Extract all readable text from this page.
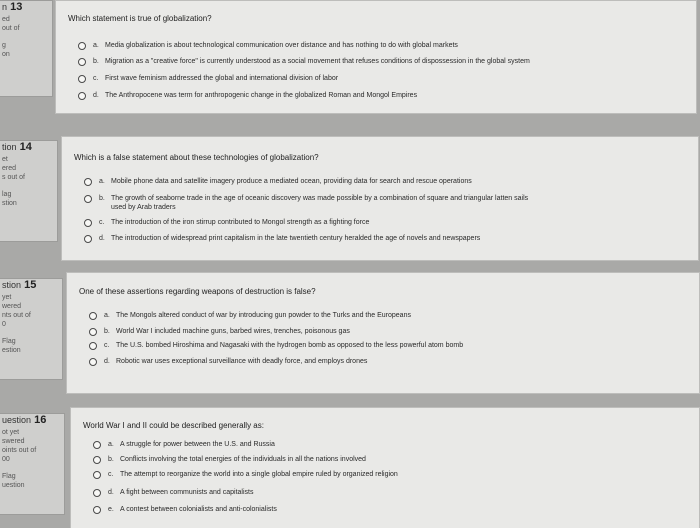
n 13
ed
out of
g
on
Which statement is true of globalization?
a. Media globalization is about technological communication over distance and has nothing to do with global markets
b. Migration as a "creative force" is currently understood as a social movement that refuses conditions of dispossession in the global system
c. First wave feminism addressed the global and international division of labor
d. The Anthropocene was term for anthropogenic change in the globalized Roman and Mongol Empires
tion 14
et
ered
s out of
lag
stion
Which is a false statement about these technologies of globalization?
a. Mobile phone data and satellite imagery produce a mediated ocean, providing data for search and rescue operations
b. The growth of seaborne trade in the age of oceanic discovery was made possible by a combination of square and triangular latten sails
used by Arab traders
c. The introduction of the iron stirrup contributed to Mongol strength as a fighting force
d. The introduction of widespread print capitalism in the late twentieth century heralded the age of novels and newspapers
stion 15
yet
wered
nts out of
0
Flag
estion
One of these assertions regarding weapons of destruction is false?
a. The Mongols altered conduct of war by introducing gun powder to the Turks and the Europeans
b. World War I included machine guns, barbed wires, trenches, poisonous gas
c. The U.S. bombed Hiroshima and Nagasaki with the hydrogen bomb as opposed to the less powerful atom bomb
d. Robotic war uses exceptional surveillance with deadly force, and employs drones
uestion 16
ot yet
swered
oints out of
00
Flag
uestion
World War I and II could be described generally as:
a. A struggle for power between the U.S. and Russia
b. Conflicts involving the total energies of the individuals in all the nations involved
c. The attempt to reorganize the world into a single global empire ruled by organized religion
d. A fight between communists and capitalists
e. A contest between colonialists and anti-colonialists
